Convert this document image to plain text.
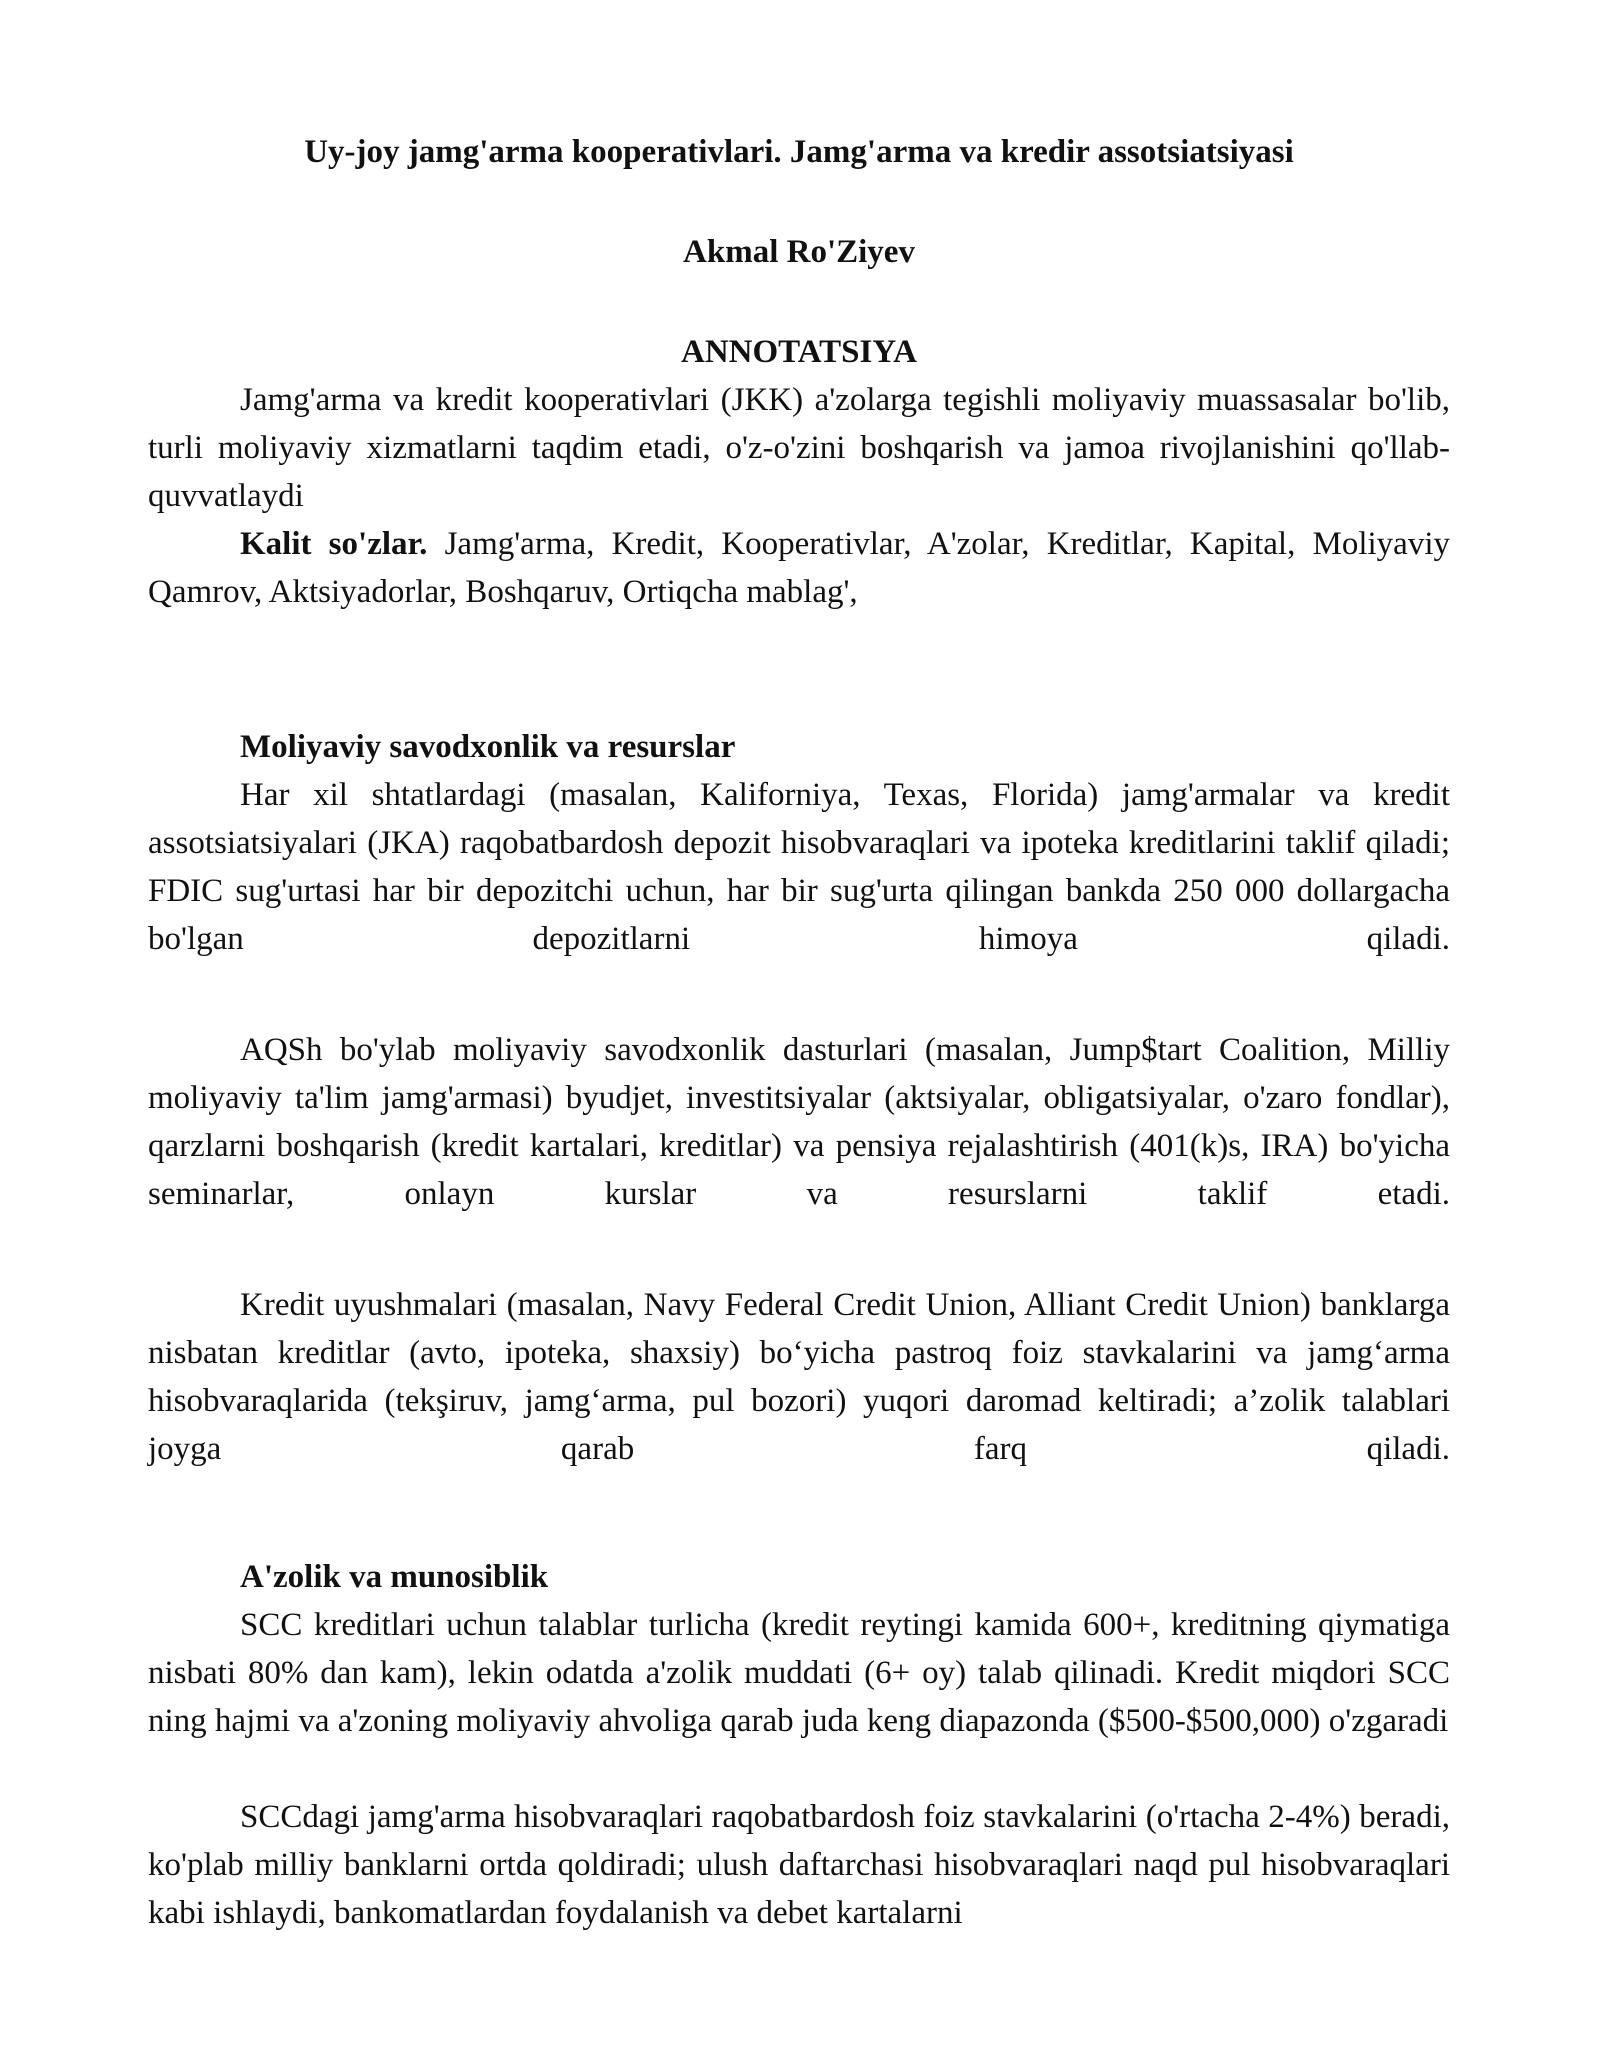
Uy-joy jamg'arma kooperativlari. Jamg'arma va kredir assotsiatsiyasi
Akmal Ro'Ziyev
ANNOTATSIYA

Jamg'arma va kredit kooperativlari (JKK) a'zolarga tegishli moliyaviy muassasalar bo'lib, turli moliyaviy xizmatlarni taqdim etadi, o'z-o'zini boshqarish va jamoa rivojlanishini qo'llab-quvvatlaydi

Kalit so'zlar. Jamg'arma, Kredit, Kooperativlar, A'zolar, Kreditlar, Kapital, Moliyaviy Qamrov, Aktsiyadorlar, Boshqaruv, Ortiqcha mablag',

Moliyaviy savodxonlik va resurslar

Har xil shtatlardagi (masalan, Kaliforniya, Texas, Florida) jamg'armalar va kredit assotsiatsiyalari (JKA) raqobatbardosh depozit hisobvaraqlari va ipoteka kreditlarini taklif qiladi; FDIC sug'urtasi har bir depozitchi uchun, har bir sug'urta qilingan bankda 250 000 dollargacha bo'lgan depozitlarni himoya qiladi.

AQSh bo'ylab moliyaviy savodxonlik dasturlari (masalan, Jump$tart Coalition, Milliy moliyaviy ta'lim jamg'armasi) byudjet, investitsiyalar (aktsiyalar, obligatsiyalar, o'zaro fondlar), qarzlarni boshqarish (kredit kartalari, kreditlar) va pensiya rejalashtirish (401(k)s, IRA) bo'yicha seminarlar, onlayn kurslar va resurslarni taklif etadi.

Kredit uyushmalari (masalan, Navy Federal Credit Union, Alliant Credit Union) banklarga nisbatan kreditlar (avto, ipoteka, shaxsiy) bo‘yicha pastroq foiz stavkalarini va jamg‘arma hisobvaraqlarida (tekşiruv, jamg‘arma, pul bozori) yuqori daromad keltiradi; a’zolik talablari joyga qarab farq qiladi.

A'zolik va munosiblik

SCC kreditlari uchun talablar turlicha (kredit reytingi kamida 600+, kreditning qiymatiga nisbati 80% dan kam), lekin odatda a'zolik muddati (6+ oy) talab qilinadi. Kredit miqdori SCC ning hajmi va a'zoning moliyaviy ahvoliga qarab juda keng diapazonda ($500-$500,000) o'zgaradi

SCCdagi jamg'arma hisobvaraqlari raqobatbardosh foiz stavkalarini (o'rtacha 2-4%) beradi, ko'plab milliy banklarni ortda qoldiradi; ulush daftarchasi hisobvaraqlari naqd pul hisobvaraqlari kabi ishlaydi, bankomatlardan foydalanish va debet kartalarni
